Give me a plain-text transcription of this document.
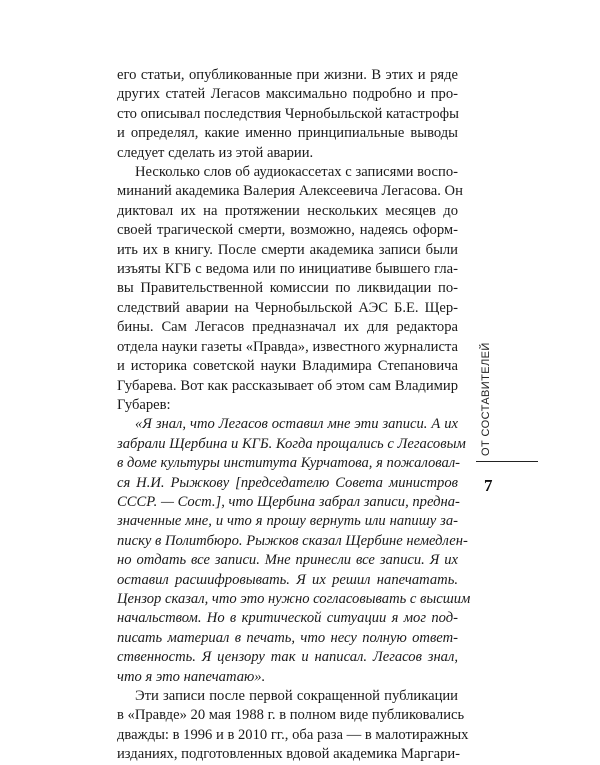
его статьи, опубликованные при жизни. В этих и ряде
других статей Легасов максимально подробно и про-
сто описывал последствия Чернобыльской катастрофы
и определял, какие именно принципиальные выводы
следует сделать из этой аварии.

Несколько слов об аудиокассетах с записями воспо-
минаний академика Валерия Алексеевича Легасова. Он
диктовал их на протяжении нескольких месяцев до
своей трагической смерти, возможно, надеясь оформ-
ить их в книгу. После смерти академика записи были
изъяты КГБ с ведома или по инициативе бывшего гла-
вы Правительственной комиссии по ликвидации по-
следствий аварии на Чернобыльской АЭС Б.Е. Щер-
бины. Сам Легасов предназначал их для редактора
отдела науки газеты «Правда», известного журналиста
и историка советской науки Владимира Степановича
Губарева. Вот как рассказывает об этом сам Владимир
Губарев:

«Я знал, что Легасов оставил мне эти записи. А их
забрали Щербина и КГБ. Когда прощались с Легасовым
в доме культуры института Курчатова, я пожаловал-
ся Н.И. Рыжкову [председателю Совета министров
СССР. — Сост.], что Щербина забрал записи, предна-
значенные мне, и что я прошу вернуть или напишу за-
писку в Политбюро. Рыжков сказал Щербине немедлен-
но отдать все записи. Мне принесли все записи. Я их
оставил расшифровывать. Я их решил напечатать.
Цензор сказал, что это нужно согласовывать с высшим
начальством. Но в критической ситуации я мог под-
писать материал в печать, что несу полную ответ-
ственность. Я цензору так и написал. Легасов знал,
что я это напечатаю».

Эти записи после первой сокращенной публикации
в «Правде» 20 мая 1988 г. в полном виде публиковались
дважды: в 1996 и в 2010 гг., оба раза — в малотиражных
изданиях, подготовленных вдовой академика Маргари-

ОТ СОСТАВИТЕЛЕЙ
7
